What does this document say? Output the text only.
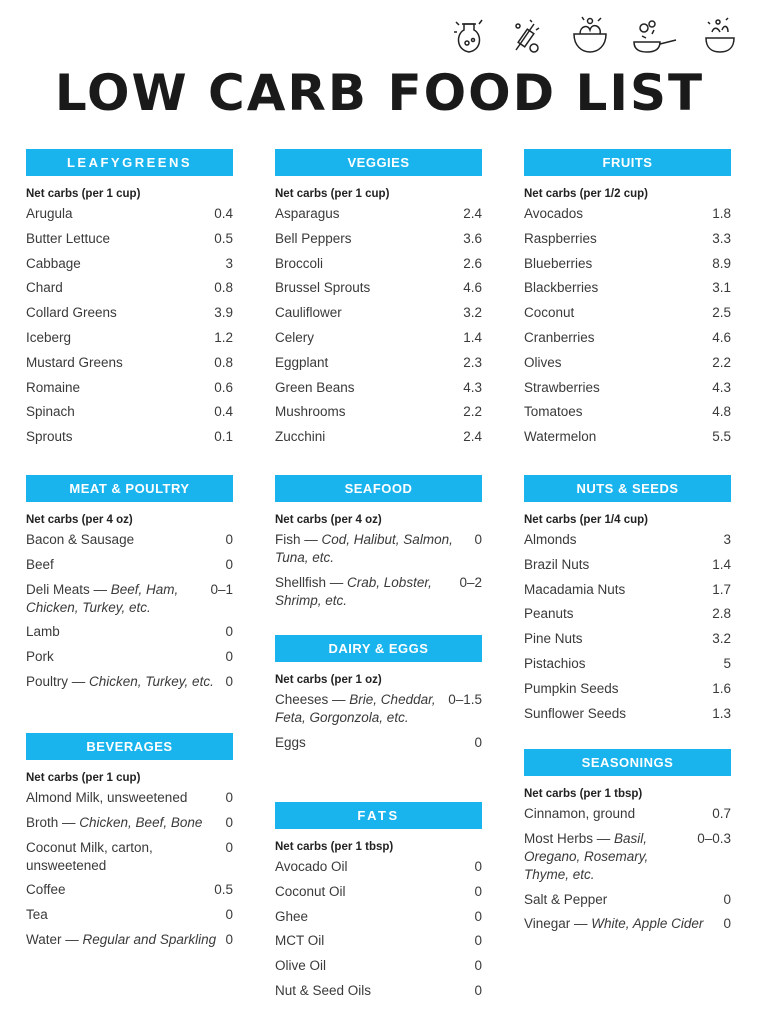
LOW CARB FOOD LIST
LEAFYGREENS
Net carbs (per 1 cup)
Arugula	0.4
Butter Lettuce	0.5
Cabbage	3
Chard	0.8
Collard Greens	3.9
Iceberg	1.2
Mustard Greens	0.8
Romaine	0.6
Spinach	0.4
Sprouts	0.1
VEGGIES
Net carbs (per 1 cup)
Asparagus	2.4
Bell Peppers	3.6
Broccoli	2.6
Brussel Sprouts	4.6
Cauliflower	3.2
Celery	1.4
Eggplant	2.3
Green Beans	4.3
Mushrooms	2.2
Zucchini	2.4
FRUITS
Net carbs (per 1/2 cup)
Avocados	1.8
Raspberries	3.3
Blueberries	8.9
Blackberries	3.1
Coconut	2.5
Cranberries	4.6
Olives	2.2
Strawberries	4.3
Tomatoes	4.8
Watermelon	5.5
MEAT & POULTRY
Net carbs (per 4 oz)
Bacon & Sausage	0
Beef	0
Deli Meats — Beef, Ham, Chicken, Turkey, etc.
0–1
Lamb	0
Pork	0
Poultry — Chicken, Turkey, etc. 0
SEAFOOD
Net carbs (per 4 oz)
Fish — Cod, Halibut, Salmon, Tuna, etc.
0
Shellfish — Crab, Lobster, Shrimp, etc.
0–2
NUTS & SEEDS
Net carbs (per 1/4 cup)
Almonds	3
Brazil Nuts	1.4
Macadamia Nuts	1.7
Peanuts	2.8
Pine Nuts	3.2
Pistachios	5
Pumpkin Seeds	1.6
Sunflower Seeds	1.3
DAIRY & EGGS
Net carbs (per 1 oz)
Cheeses — Brie, Cheddar, Feta, Gorgonzola, etc.
0–1.5
Eggs	0
BEVERAGES
Net carbs (per 1 cup)
Almond Milk, unsweetened	0
Broth — Chicken, Beef, Bone	0
Coconut Milk, carton, unsweetened
0
Coffee	0.5
Tea	0
Water — Regular and Sparkling 0
FATS
Net carbs (per 1 tbsp)
Avocado Oil	0
Coconut Oil	0
Ghee	0
MCT Oil	0
Olive Oil	0
Nut & Seed Oils	0
SEASONINGS
Net carbs (per 1 tbsp)
Cinnamon, ground	0.7
Most Herbs — Basil, Oregano, Rosemary, Thyme, etc.
0–0.3
Salt & Pepper	0
Vinegar — White, Apple Cider	0
